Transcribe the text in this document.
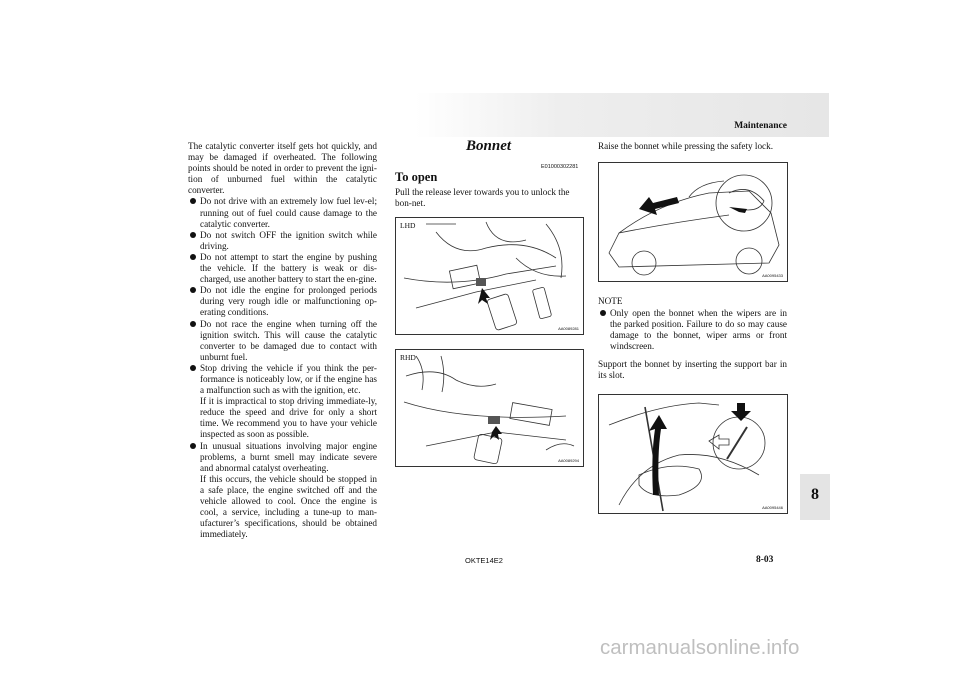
Maintenance

The catalytic converter itself gets hot quickly, and may be damaged if overheated. The following points should be noted in order to prevent the igni-tion of unburned fuel within the catalytic converter.

Do not drive with an extremely low fuel lev-el; running out of fuel could cause damage to the catalytic converter.
Do not switch OFF the ignition switch while driving.
Do not attempt to start the engine by pushing the vehicle. If the battery is weak or dis-charged, use another battery to start the en-gine.
Do not idle the engine for prolonged periods during very rough idle or malfunctioning op-erating conditions.
Do not race the engine when turning off the ignition switch. This will cause the catalytic converter to be damaged due to contact with unburnt fuel.
Stop driving the vehicle if you think the per-formance is noticeably low, or if the engine has a malfunction such as with the ignition, etc.
If it is impractical to stop driving immediate-ly, reduce the speed and drive for only a short time. We recommend you to have your vehicle inspected as soon as possible.
In unusual situations involving major engine problems, a burnt smell may indicate severe and abnormal catalyst overheating.
If this occurs, the vehicle should be stopped in a safe place, the engine switched off and the vehicle allowed to cool. Once the engine is cool, a service, including a tune-up to man-ufacturer’s specifications, should be obtained immediately.
Bonnet
E01000302281
To open
Pull the release lever towards you to unlock the bon-net.
LHD
AA0089281
RHD
AA0089294
Raise the bonnet while pressing the safety lock.
AA0095433
NOTE
Only open the bonnet when the wipers are in the parked position. Failure to do so may cause damage to the bonnet, wiper arms or front windscreen.
Support the bonnet by inserting the support bar in its slot.
AA0095446
8
OKTE14E2	8-03
carmanualsonline.info
